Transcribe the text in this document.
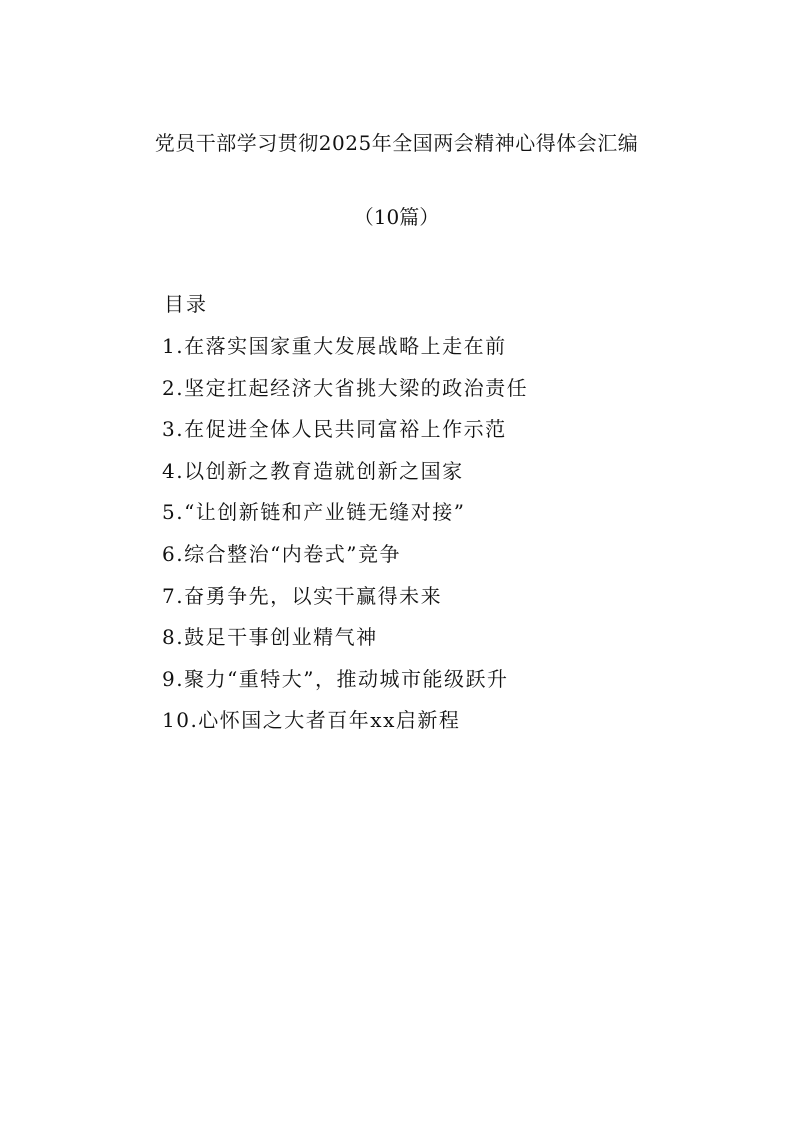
党员干部学习贯彻2025年全国两会精神心得体会汇编
（10篇）
目录
1.在落实国家重大发展战略上走在前
2.坚定扛起经济大省挑大梁的政治责任
3.在促进全体人民共同富裕上作示范
4.以创新之教育造就创新之国家
5.“让创新链和产业链无缝对接”
6.综合整治“内卷式”竞争
7.奋勇争先，以实干赢得未来
8.鼓足干事创业精气神
9.聚力“重特大”，推动城市能级跃升
10.心怀国之大者百年xx启新程
